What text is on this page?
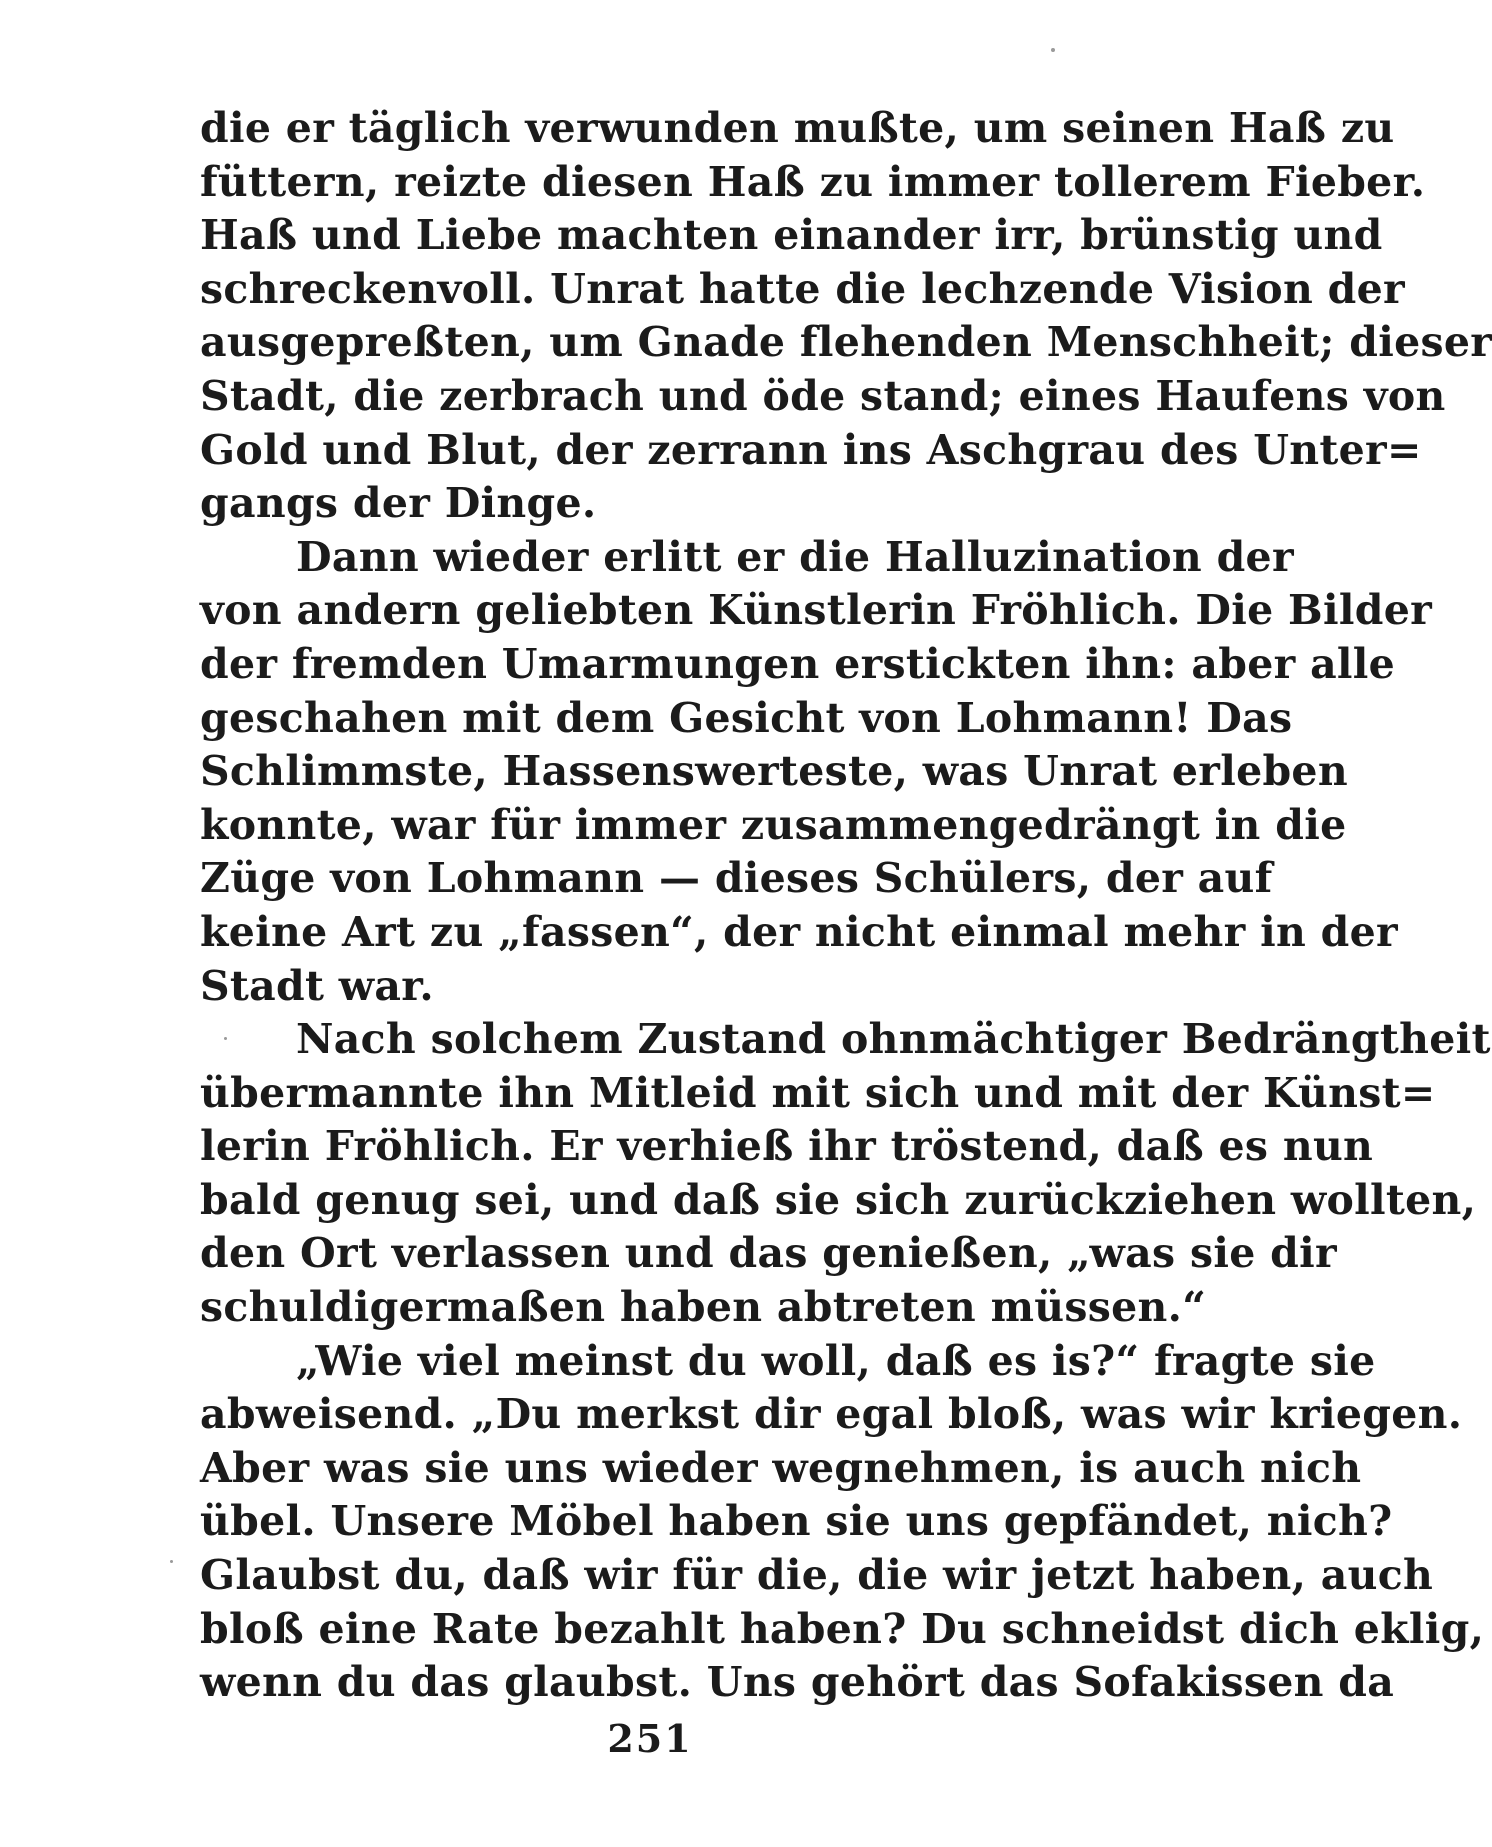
die er täglich verwunden mußte, um seinen Haß zu
füttern, reizte diesen Haß zu immer tollerem Fieber.
Haß und Liebe machten einander irr, brünstig und
schreckenvoll. Unrat hatte die lechzende Vision der
ausgepreßten, um Gnade flehenden Menschheit; dieser
Stadt, die zerbrach und öde stand; eines Haufens von
Gold und Blut, der zerrann ins Aschgrau des Unter=
gangs der Dinge.
Dann wieder erlitt er die Halluzination der
von andern geliebten Künstlerin Fröhlich. Die Bilder
der fremden Umarmungen erstickten ihn: aber alle
geschahen mit dem Gesicht von Lohmann! Das
Schlimmste, Hassenswerteste, was Unrat erleben
konnte, war für immer zusammengedrängt in die
Züge von Lohmann — dieses Schülers, der auf
keine Art zu „fassen“, der nicht einmal mehr in der
Stadt war.
Nach solchem Zustand ohnmächtiger Bedrängtheit
übermannte ihn Mitleid mit sich und mit der Künst=
lerin Fröhlich. Er verhieß ihr tröstend, daß es nun
bald genug sei, und daß sie sich zurückziehen wollten,
den Ort verlassen und das genießen, „was sie dir
schuldigermaßen haben abtreten müssen.“
„Wie viel meinst du woll, daß es is?“ fragte sie
abweisend. „Du merkst dir egal bloß, was wir kriegen.
Aber was sie uns wieder wegnehmen, is auch nich
übel. Unsere Möbel haben sie uns gepfändet, nich?
Glaubst du, daß wir für die, die wir jetzt haben, auch
bloß eine Rate bezahlt haben? Du schneidst dich eklig,
wenn du das glaubst. Uns gehört das Sofakissen da
251
